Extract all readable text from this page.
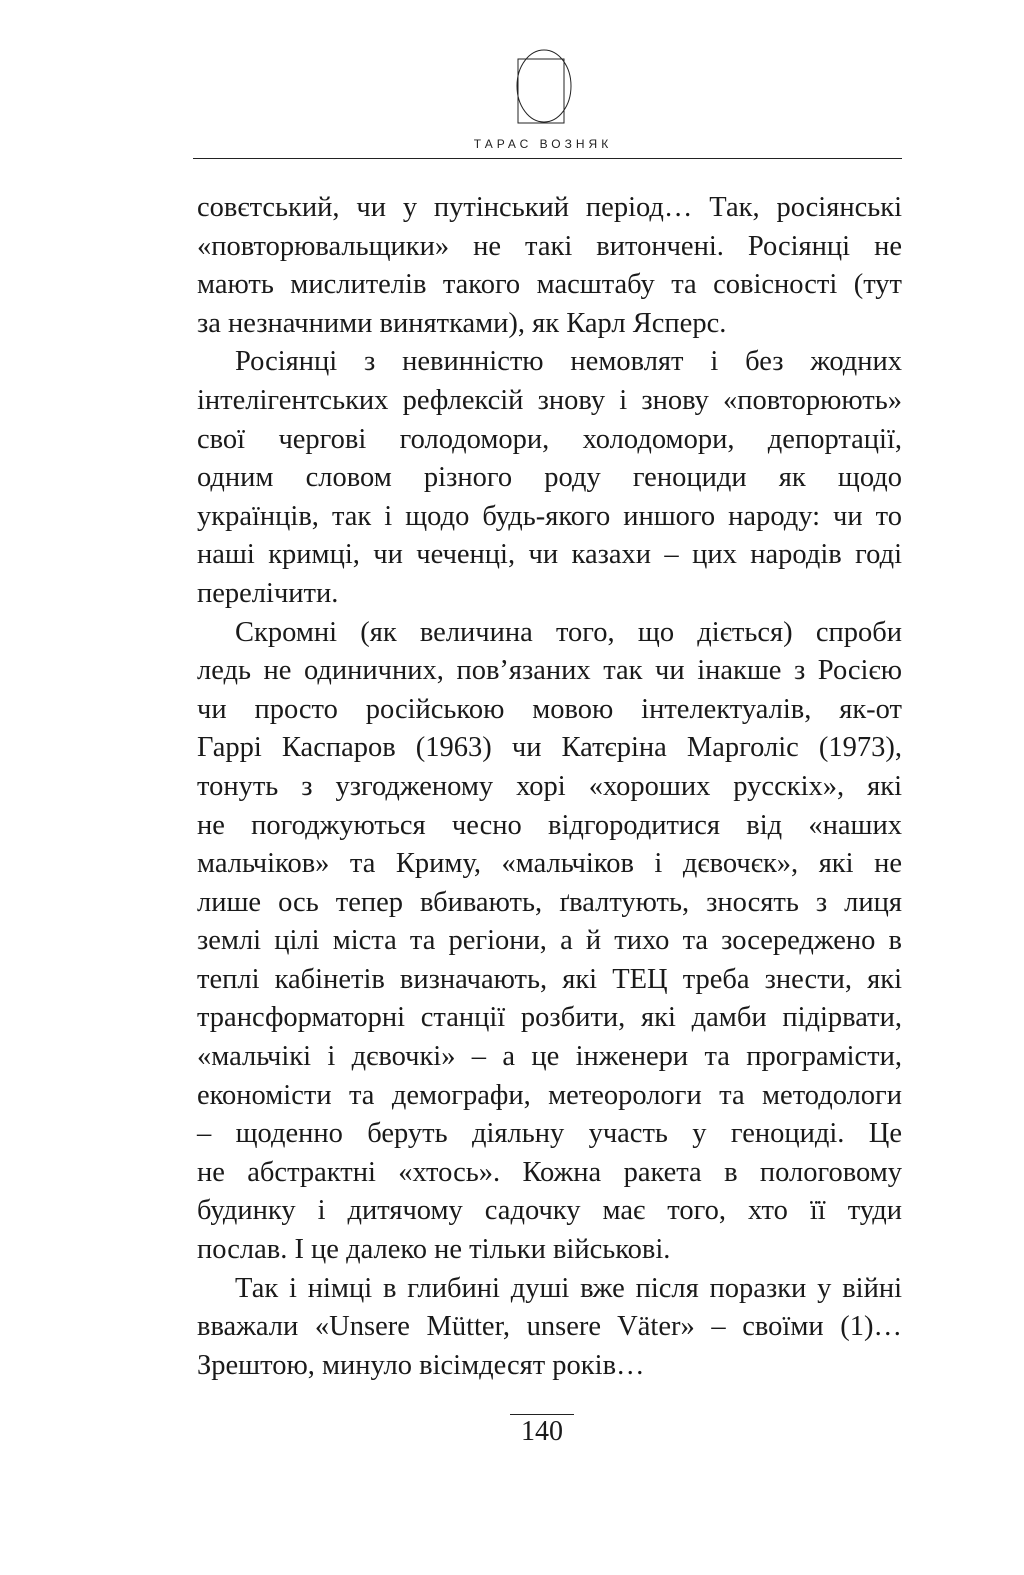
ТАРАС ВОЗНЯК
совєтський, чи у путінський період… Так, росіянські
«повторювальщики» не такі витончені. Росіянці не
мають мислителів такого масштабу та совісності (тут
за незначними винятками), як Карл Ясперс.
Росіянці з невинністю немовлят і без жодних
інтелігентських рефлексій знову і знову «повторюють»
свої чергові голодомори, холодомори, депортації,
одним словом різного роду геноциди як щодо
українців, так і щодо будь-якого иншого народу: чи то
наші кримці, чи чеченці, чи казахи – цих народів годі
перелічити.
Скромні (як величина того, що діється) спроби
ледь не одиничних, пов’язаних так чи інакше з Росією
чи просто російською мовою інтелектуалів, як-от
Гаррі Каспаров (1963) чи Катєріна Марголіс (1973),
тонуть з узгодженому хорі «хороших русскіх», які
не погоджуються чесно відгородитися від «наших
мальчіков» та Криму, «мальчіков і дєвочєк», які не
лише ось тепер вбивають, ґвалтують, зносять з лиця
землі цілі міста та регіони, а й тихо та зосереджено в
теплі кабінетів визначають, які ТЕЦ треба знести, які
трансформаторні станції розбити, які дамби підірвати,
«мальчікі і дєвочкі» – а це інженери та програмісти,
економісти та демографи, метеорологи та методологи
– щоденно беруть діяльну участь у геноциді. Це
не абстрактні «хтось». Кожна ракета в пологовому
будинку і дитячому садочку має того, хто її туди
послав. І це далеко не тільки військові.
Так і німці в глибині душі вже після поразки у війні
вважали «Unsere Mütter, unsere Väter» – своїми (1)…
Зрештою, минуло вісімдесят років…
140
